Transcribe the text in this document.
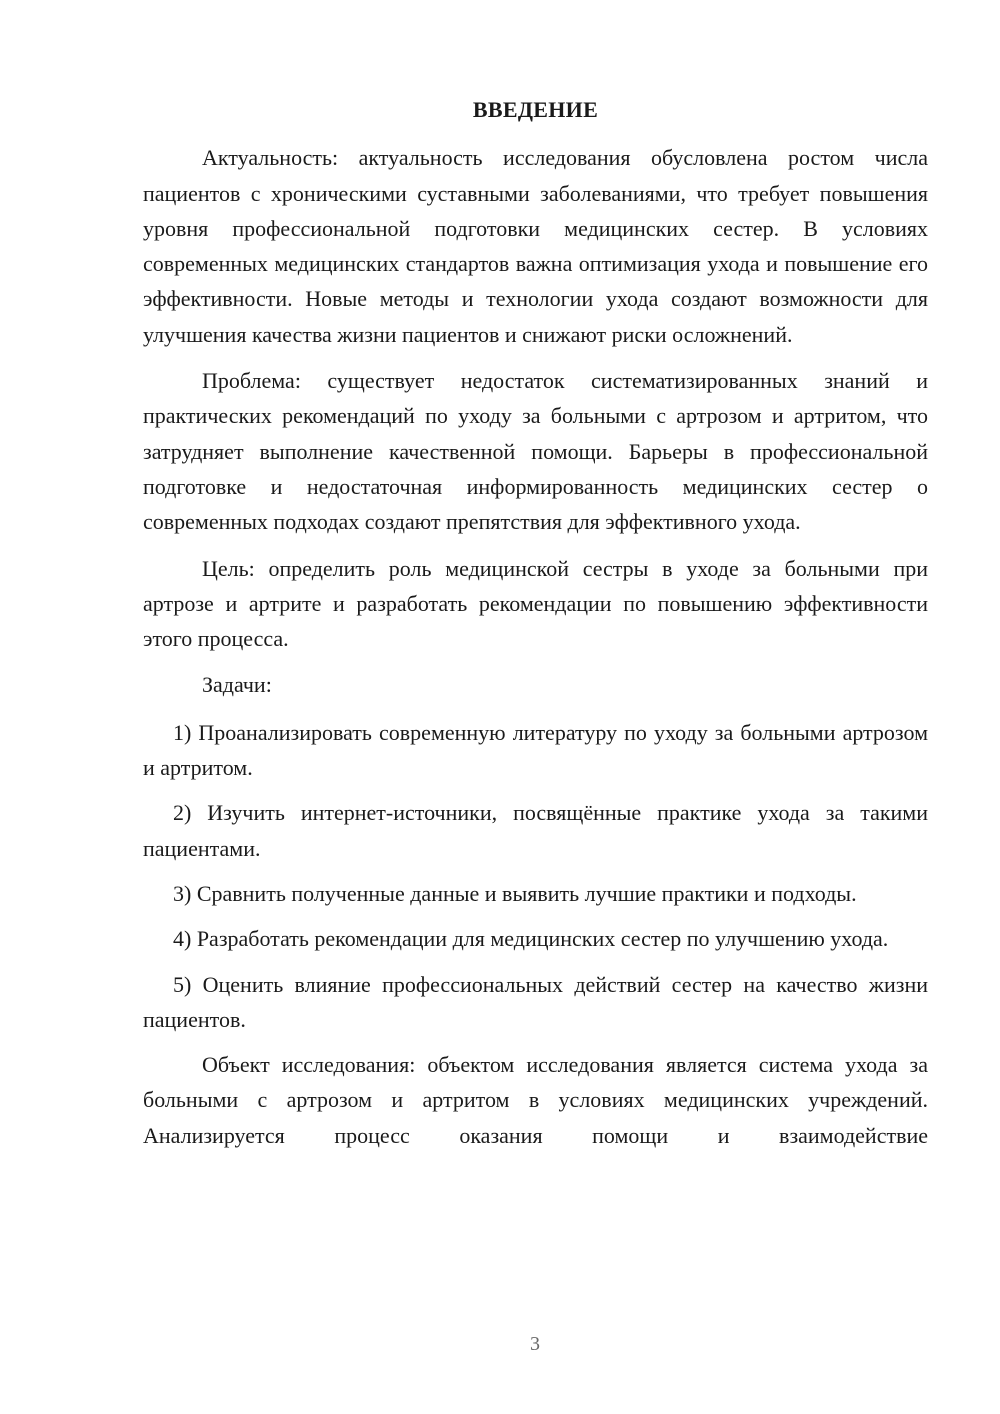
ВВЕДЕНИЕ

Актуальность: актуальность исследования обусловлена ростом числа пациентов с хроническими суставными заболеваниями, что требует повышения уровня профессиональной подготовки медицинских сестер. В условиях современных медицинских стандартов важна оптимизация ухода и повышение его эффективности. Новые методы и технологии ухода создают возможности для улучшения качества жизни пациентов и снижают риски осложнений.

Проблема: существует недостаток систематизированных знаний и практических рекомендаций по уходу за больными с артрозом и артритом, что затрудняет выполнение качественной помощи. Барьеры в профессиональной подготовке и недостаточная информированность медицинских сестер о современных подходах создают препятствия для эффективного ухода.

Цель: определить роль медицинской сестры в уходе за больными при артрозе и артрите и разработать рекомендации по повышению эффективности этого процесса.

Задачи:

1) Проанализировать современную литературу по уходу за больными артрозом и артритом.

2) Изучить интернет-источники, посвящённые практике ухода за такими пациентами.

3) Сравнить полученные данные и выявить лучшие практики и подходы.

4) Разработать рекомендации для медицинских сестер по улучшению ухода.

5) Оценить влияние профессиональных действий сестер на качество жизни пациентов.

Объект исследования: объектом исследования является система ухода за больными с артрозом и артритом в условиях медицинских учреждений. Анализируется процесс оказания помощи и взаимодействие

3
